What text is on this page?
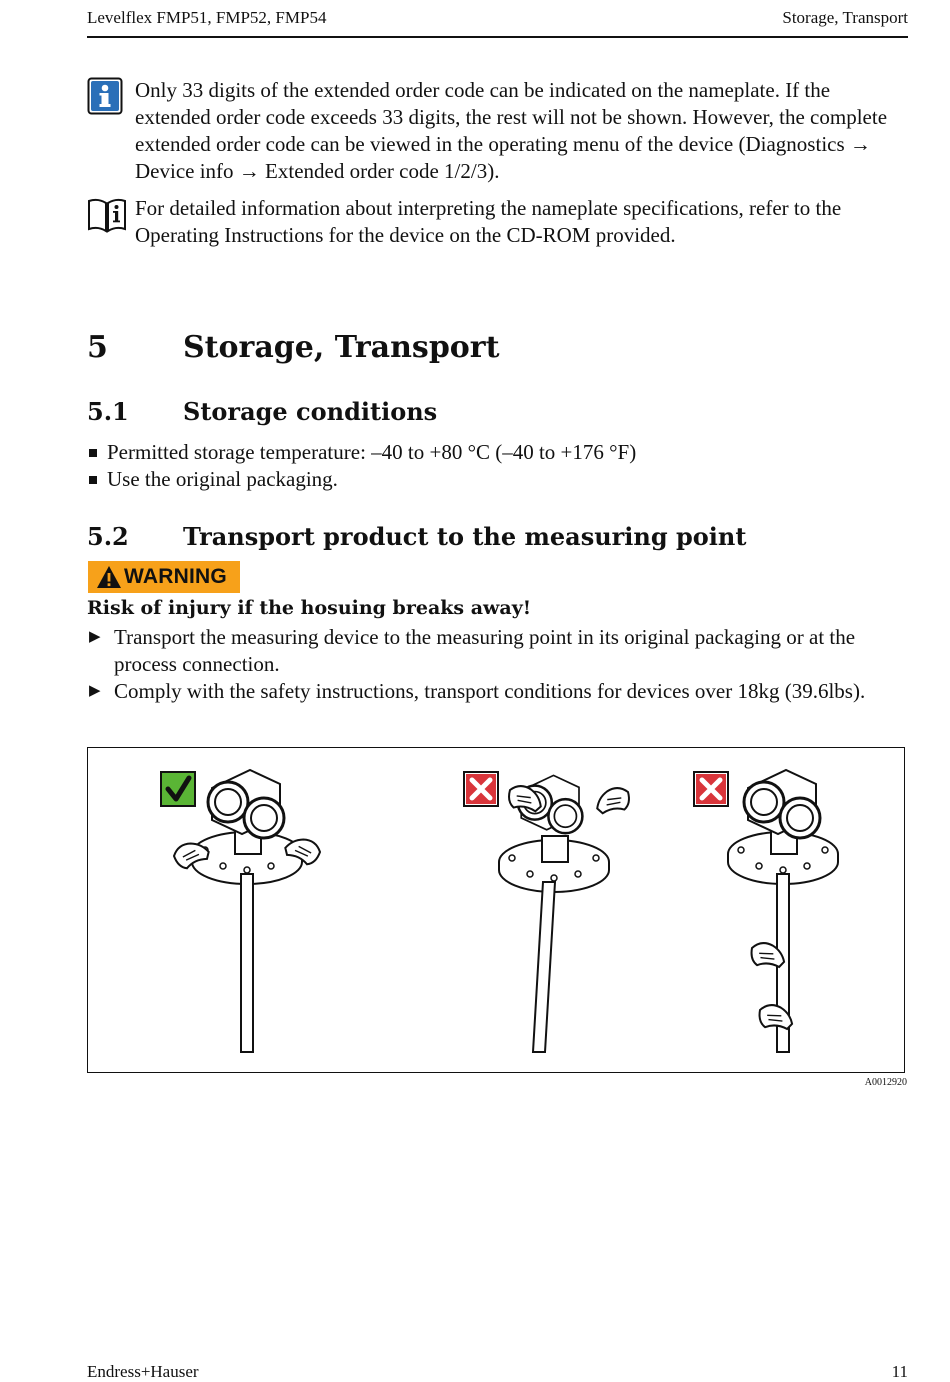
Levelflex FMP51, FMP52, FMP54	Storage, Transport
Only 33 digits of the extended order code can be indicated on the nameplate. If the
extended order code exceeds 33 digits, the rest will not be shown. However, the complete
extended order code can be viewed in the operating menu of the device (Diagnostics →
Device info → Extended order code 1/2/3).
For detailed information about interpreting the nameplate specifications, refer to the
Operating Instructions for the device on the CD-ROM provided.
5	Storage, Transport
5.1 Storage conditions
Permitted storage temperature: –40 to +80 °C (–40 to +176 °F)
Use the original packaging.
5.2 Transport product to the measuring point
WARNING
Risk of injury if the hosuing breaks away!
▶ Transport the measuring device to the measuring point in its original packaging or at the
process connection.
▶ Comply with the safety instructions, transport conditions for devices over 18kg (39.6lbs).
A0012920
Endress+Hauser	11
